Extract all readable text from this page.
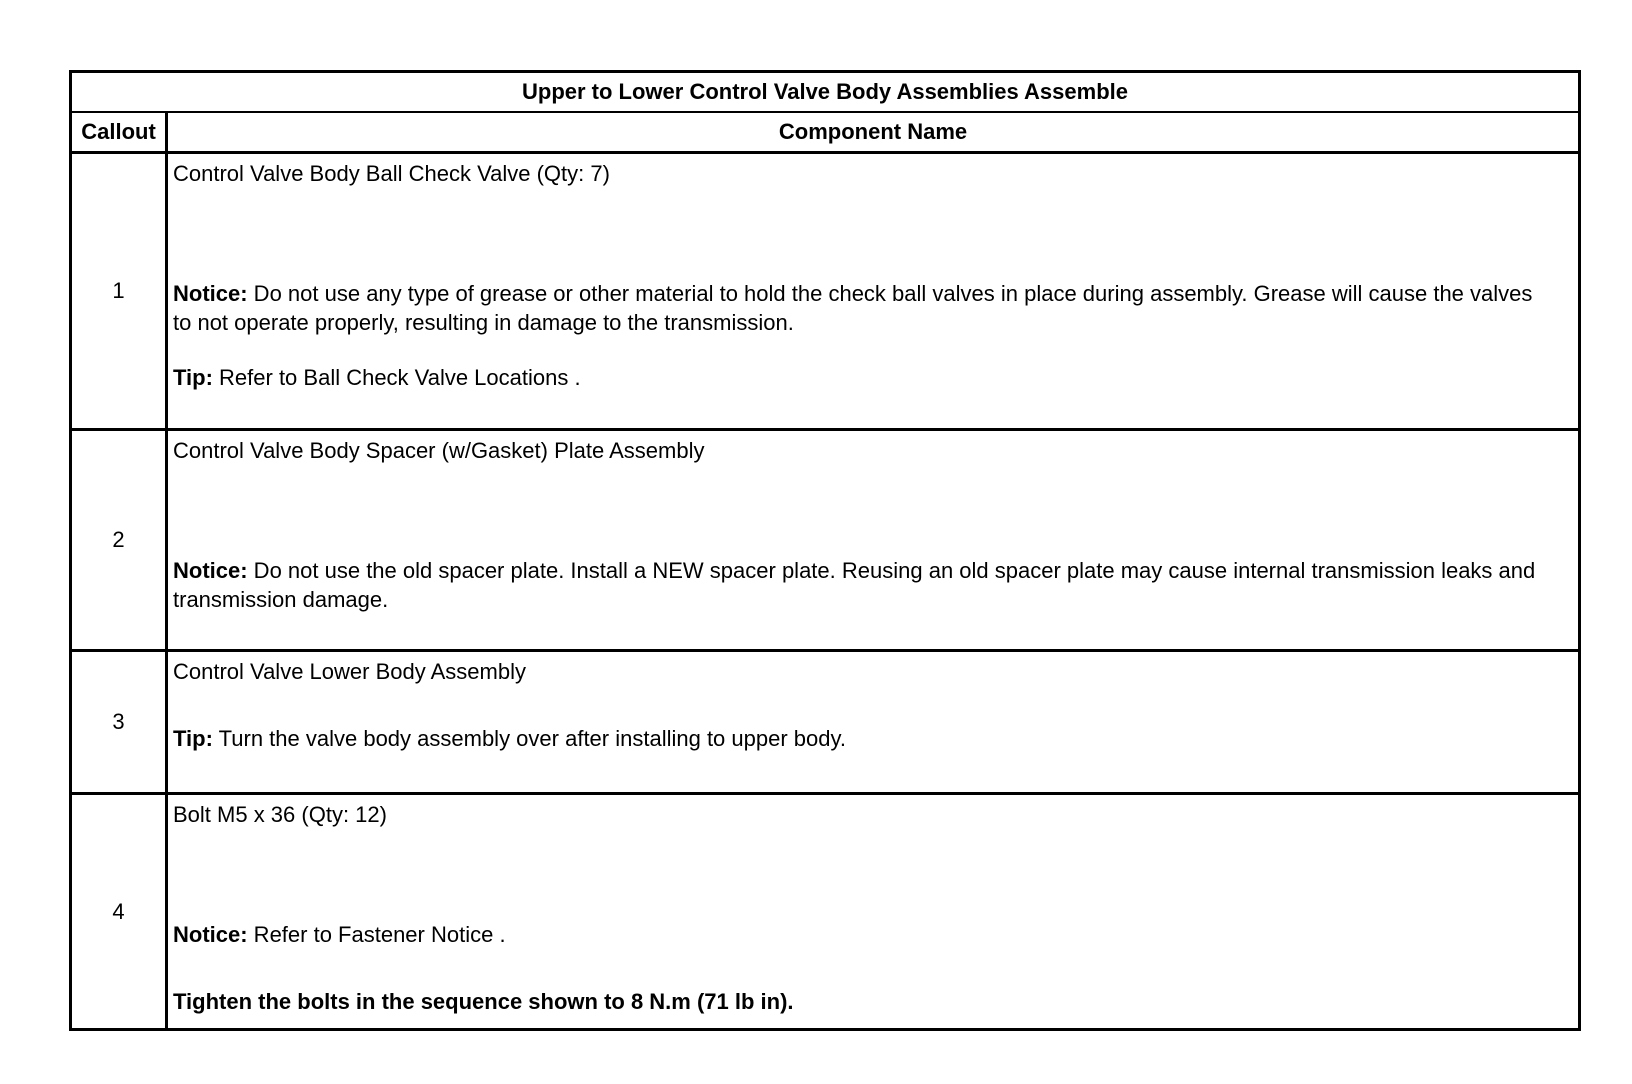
Upper to Lower Control Valve Body Assemblies Assemble
Callout	Component Name
1
Control Valve Body Ball Check Valve (Qty: 7)
Notice: Do not use any type of grease or other material to hold the check ball valves in place during assembly. Grease will cause the valves to not operate properly, resulting in damage to the transmission.
Tip: Refer to Ball Check Valve Locations .
2
Control Valve Body Spacer (w/Gasket) Plate Assembly
Notice: Do not use the old spacer plate. Install a NEW spacer plate. Reusing an old spacer plate may cause internal transmission leaks and transmission damage.
3
Control Valve Lower Body Assembly
Tip: Turn the valve body assembly over after installing to upper body.
4
Bolt M5 x 36 (Qty: 12)
Notice: Refer to Fastener Notice .
Tighten the bolts in the sequence shown to 8 N.m (71 lb in).
